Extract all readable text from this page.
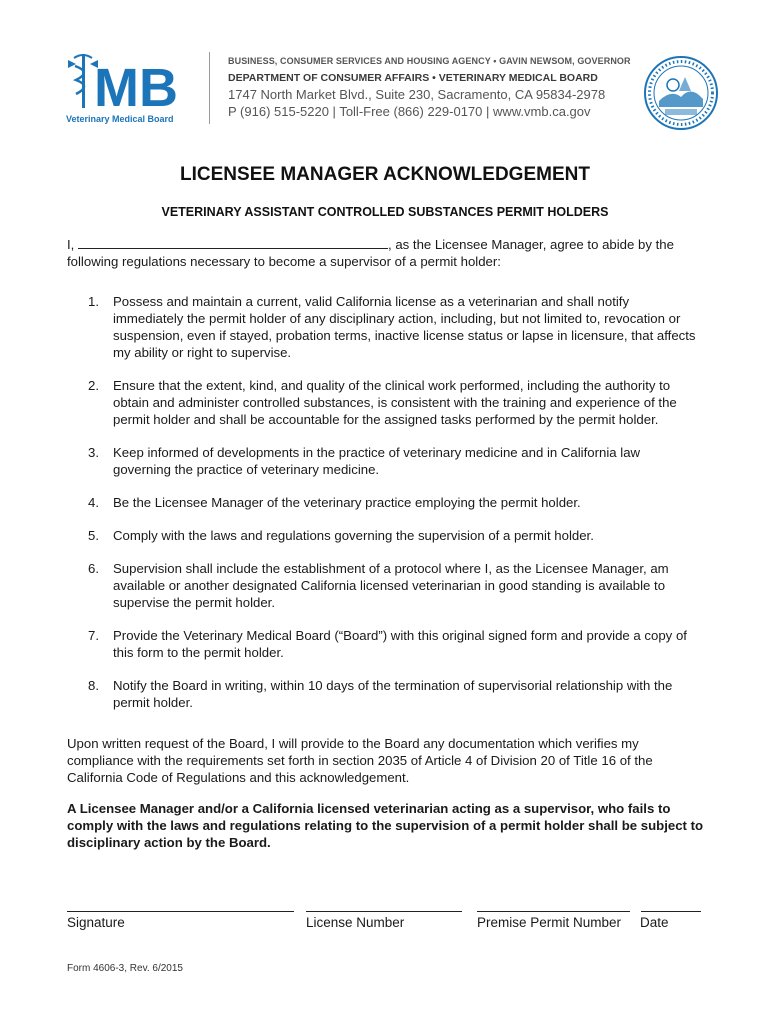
MB
Veterinary Medical Board
BUSINESS, CONSUMER SERVICES AND HOUSING AGENCY • GAVIN NEWSOM, GOVERNOR
DEPARTMENT OF CONSUMER AFFAIRS • VETERINARY MEDICAL BOARD
1747 North Market Blvd., Suite 230, Sacramento, CA 95834-2978
P (916) 515-5220 | Toll-Free (866) 229-0170 | www.vmb.ca.gov
LICENSEE MANAGER ACKNOWLEDGEMENT
VETERINARY ASSISTANT CONTROLLED SUBSTANCES PERMIT HOLDERS
I,	, as the Licensee Manager, agree to abide by the
following regulations necessary to become a supervisor of a permit holder:
1. Possess and maintain a current, valid California license as a veterinarian and shall notify immediately the permit holder of any disciplinary action, including, but not limited to, revocation or suspension, even if stayed, probation terms, inactive license status or lapse in licensure, that affects my ability or right to supervise.
2. Ensure that the extent, kind, and quality of the clinical work performed, including the authority to obtain and administer controlled substances, is consistent with the training and experience of the permit holder and shall be accountable for the assigned tasks performed by the permit holder.
3. Keep informed of developments in the practice of veterinary medicine and in California law governing the practice of veterinary medicine.
4. Be the Licensee Manager of the veterinary practice employing the permit holder.
5. Comply with the laws and regulations governing the supervision of a permit holder.
6. Supervision shall include the establishment of a protocol where I, as the Licensee Manager, am available or another designated California licensed veterinarian in good standing is available to supervise the permit holder.
7. Provide the Veterinary Medical Board (“Board”) with this original signed form and provide a copy of this form to the permit holder.
8. Notify the Board in writing, within 10 days of the termination of supervisorial relationship with the permit holder.
Upon written request of the Board, I will provide to the Board any documentation which verifies my compliance with the requirements set forth in section 2035 of Article 4 of Division 20 of Title 16 of the California Code of Regulations and this acknowledgement.
A Licensee Manager and/or a California licensed veterinarian acting as a supervisor, who fails to comply with the laws and regulations relating to the supervision of a permit holder shall be subject to disciplinary action by the Board.
Signature	License Number	Premise Permit Number Date
Form 4606-3, Rev. 6/2015
